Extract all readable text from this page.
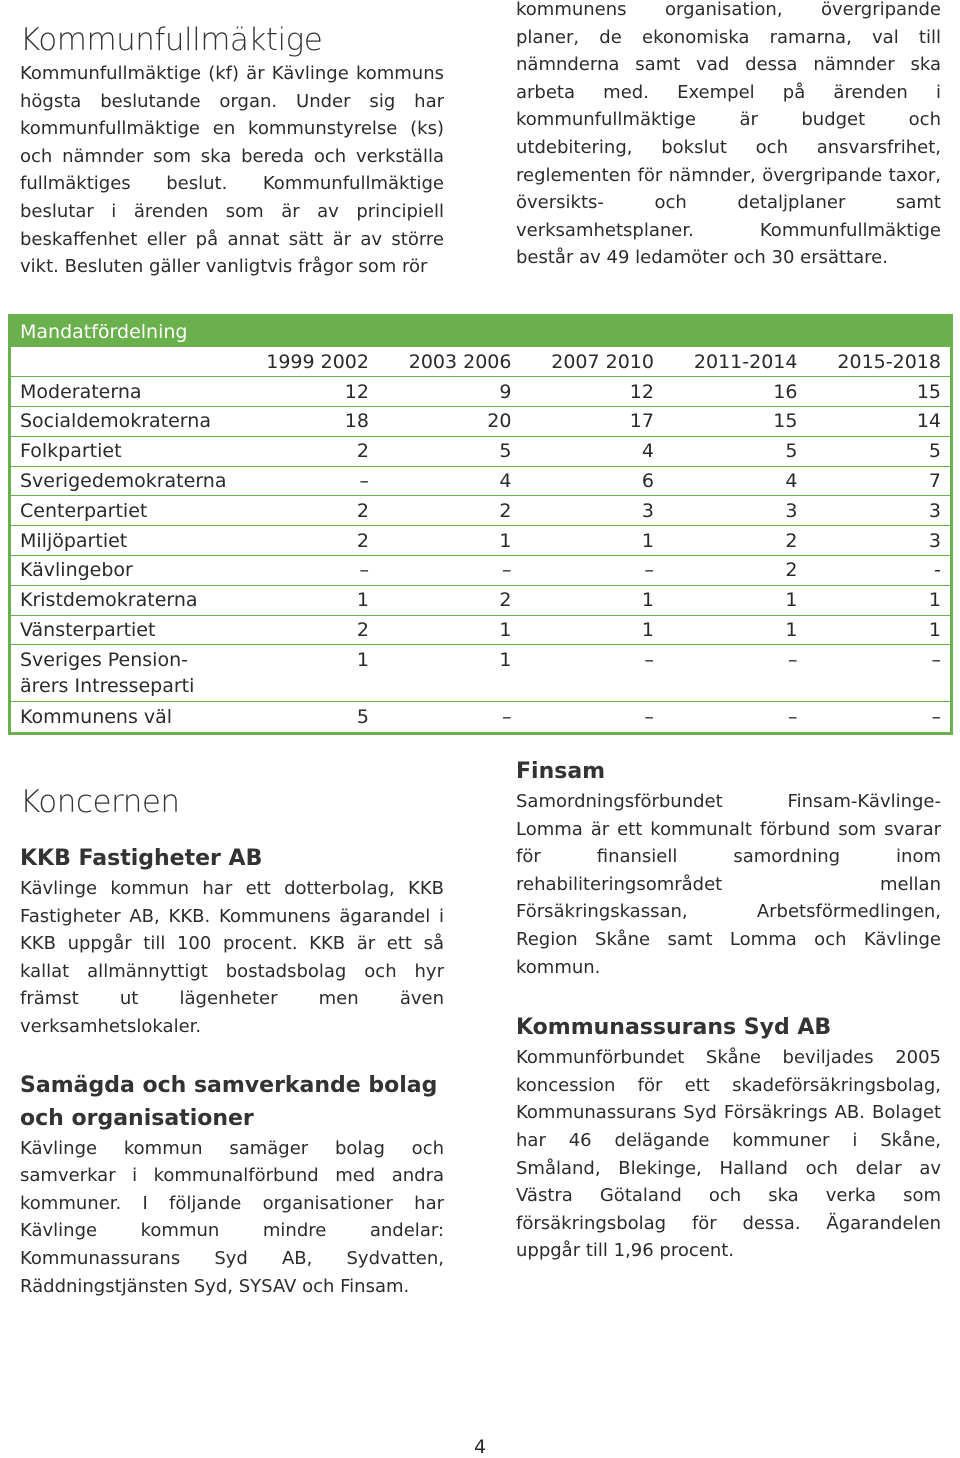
Kommunfullmäktige

Kommunfullmäktige (kf) är Kävlinge kommuns högsta beslutande organ. Under sig har kommunfullmäktige en kommunstyrelse (ks) och nämnder som ska bereda och verkställa fullmäktiges beslut. Kommunfullmäktige beslutar i ärenden som är av principiell beskaffenhet eller på annat sätt är av större vikt. Besluten gäller vanligtvis frågor som rör

kommunens organisation, övergripande planer, de ekonomiska ramarna, val till nämnderna samt vad dessa nämnder ska arbeta med. Exempel på ärenden i kommunfullmäktige är budget och utdebitering, bokslut och ansvarsfrihet, reglementen för nämnder, övergripande taxor, översikts- och detaljplaner samt verksamhetsplaner. Kommunfullmäktige består av 49 ledamöter och 30 ersättare.

Mandatfördelning
	1999 2002	2003 2006	2007 2010	2011-2014	2015-2018
Moderaterna	12	9	12	16	15
Socialdemokraterna	18	20	17	15	14
Folkpartiet	2	5	4	5	5
Sverigedemokraterna	–	4	6	4	7
Centerpartiet	2	2	3	3	3
Miljöpartiet	2	1	1	2	3
Kävlingebor	–	–	–	2	-
Kristdemokraterna	1	2	1	1	1
Vänsterpartiet	2	1	1	1	1

Sveriges Pension-
ärers Intresseparti	1	1	–	–	–
Kommunens väl	5	–	–	–	–
Koncernen
KKB Fastigheter AB

Kävlinge kommun har ett dotterbolag, KKB Fastigheter AB, KKB. Kommunens ägarandel i KKB uppgår till 100 procent. KKB är ett så kallat allmännyttigt bostadsbolag och hyr främst ut lägenheter men även verksamhetslokaler.

Samägda och samverkande bolag och organisationer

Kävlinge kommun samäger bolag och samverkar i kommunalförbund med andra kommuner. I följande organisationer har Kävlinge kommun mindre andelar: Kommunassurans Syd AB, Sydvatten, Räddningstjänsten Syd, SYSAV och Finsam.

Finsam

Samordningsförbundet Finsam-Kävlinge-Lomma är ett kommunalt förbund som svarar för finansiell samordning inom rehabiliteringsområdet mellan Försäkringskassan, Arbetsförmedlingen, Region Skåne samt Lomma och Kävlinge kommun.

Kommunassurans Syd AB

Kommunförbundet Skåne beviljades 2005 koncession för ett skadeförsäkringsbolag, Kommunassurans Syd Försäkrings AB. Bolaget har 46 delägande kommuner i Skåne, Småland, Blekinge, Halland och delar av Västra Götaland och ska verka som försäkringsbolag för dessa. Ägarandelen uppgår till 1,96 procent.

4
